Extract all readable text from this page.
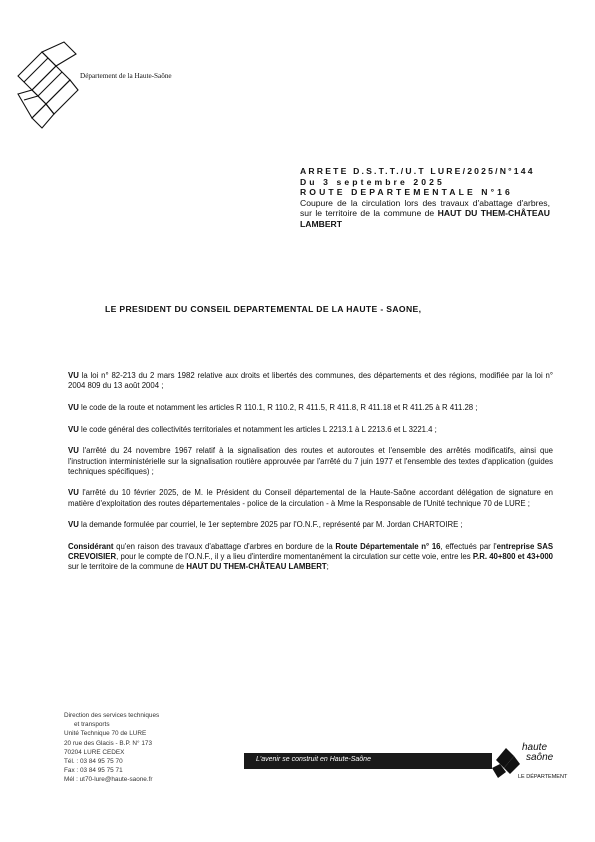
Département de la Haute-Saône
ARRETE D.S.T.T./U.T LURE/2025/N°144
Du 3 septembre 2025
ROUTE DEPARTEMENTALE N°16
Coupure de la circulation lors des travaux d'abattage d'arbres, sur le territoire de la commune de HAUT DU THEM-CHÂTEAU LAMBERT
LE PRESIDENT DU CONSEIL DEPARTEMENTAL DE LA HAUTE - SAONE,
VU la loi n° 82-213 du 2 mars 1982 relative aux droits et libertés des communes, des départements et des régions, modifiée par la loi n° 2004 809 du 13 août 2004 ;
VU le code de la route et notamment les articles R 110.1, R 110.2, R 411.5, R 411.8, R 411.18 et R 411.25 à R 411.28 ;
VU le code général des collectivités territoriales et notamment les articles L 2213.1 à L 2213.6 et L 3221.4 ;
VU l'arrêté du 24 novembre 1967 relatif à la signalisation des routes et autoroutes et l'ensemble des arrêtés modificatifs, ainsi que l'instruction interministérielle sur la signalisation routière approuvée par l'arrêté du 7 juin 1977 et l'ensemble des textes d'application (guides techniques spécifiques) ;
VU l'arrêté du 10 février 2025, de M. le Président du Conseil départemental de la Haute-Saône accordant délégation de signature en matière d'exploitation des routes départementales - police de la circulation - à Mme la Responsable de l'Unité technique 70 de LURE ;
VU la demande formulée par courriel, le 1er septembre 2025 par l'O.N.F., représenté par M. Jordan CHARTOIRE ;
Considérant qu'en raison des travaux d'abattage d'arbres en bordure de la Route Départementale n° 16, effectués par l'entreprise SAS CREVOISIER, pour le compte de l'O.N.F., il y a lieu d'interdire momentanément la circulation sur cette voie, entre les P.R. 40+800 et 43+000 sur le territoire de la commune de HAUT DU THEM-CHÂTEAU LAMBERT;
Direction des services techniques
et transports
Unité Technique 70 de LURE
20 rue des Glacis - B.P. N° 173
70204 LURE CEDEX
Tél. : 03 84 95 75 70
Fax : 03 84 95 75 71
Mél : ut70-lure@haute-saone.fr
L'avenir se construit en Haute-Saône
haute
saône
LE DÉPARTEMENT
